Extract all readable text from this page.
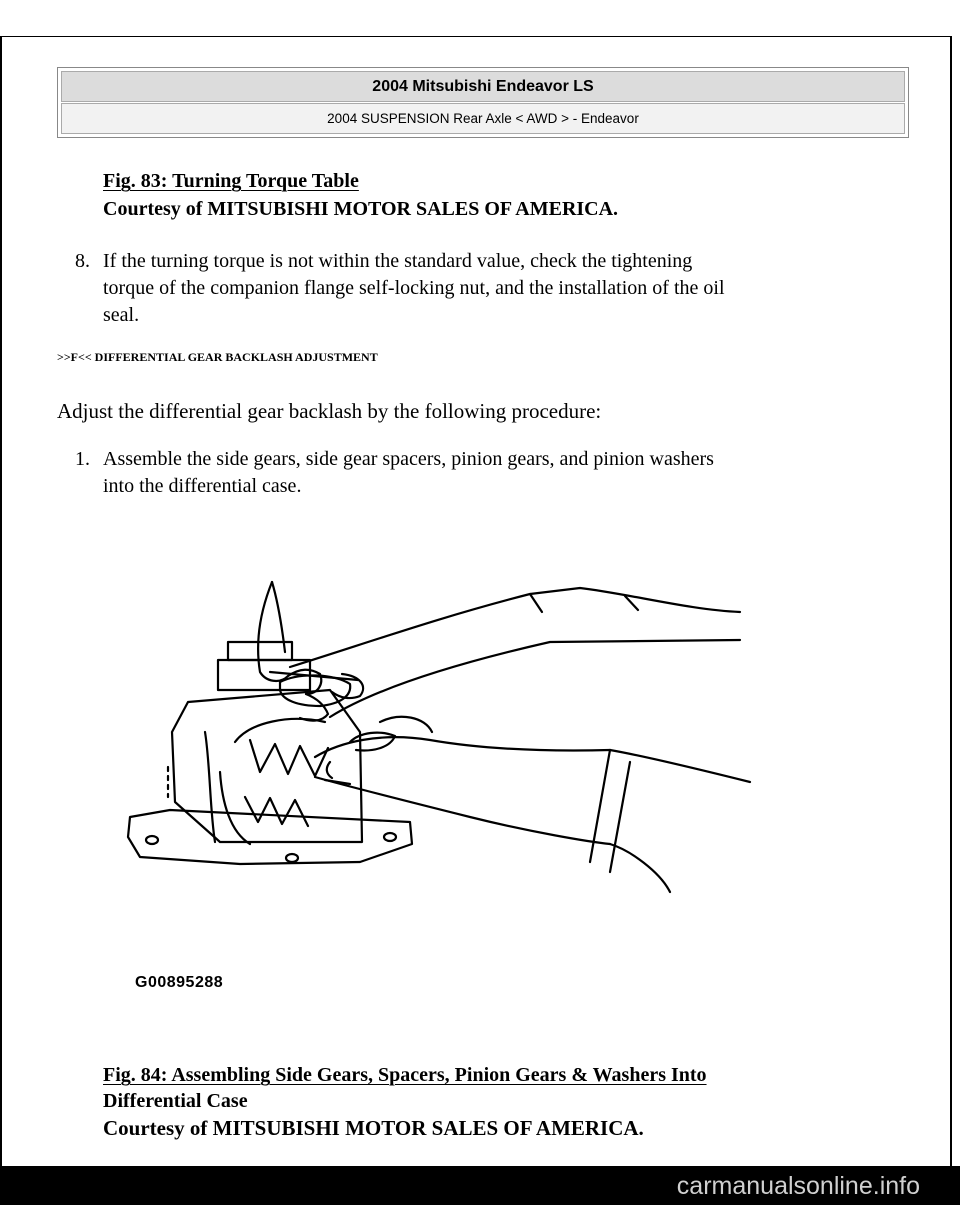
2004 Mitsubishi Endeavor LS
2004 SUSPENSION Rear Axle < AWD > - Endeavor
Fig. 83: Turning Torque Table
Courtesy of MITSUBISHI MOTOR SALES OF AMERICA.
8. If the turning torque is not within the standard value, check the tightening
torque of the companion flange self-locking nut, and the installation of the oil
seal.
>>F<< DIFFERENTIAL GEAR BACKLASH ADJUSTMENT
Adjust the differential gear backlash by the following procedure:
1. Assemble the side gears, side gear spacers, pinion gears, and pinion washers
into the differential case.
G00895288
Fig. 84: Assembling Side Gears, Spacers, Pinion Gears & Washers Into
Differential Case
Courtesy of MITSUBISHI MOTOR SALES OF AMERICA.
carmanualsonline.info
